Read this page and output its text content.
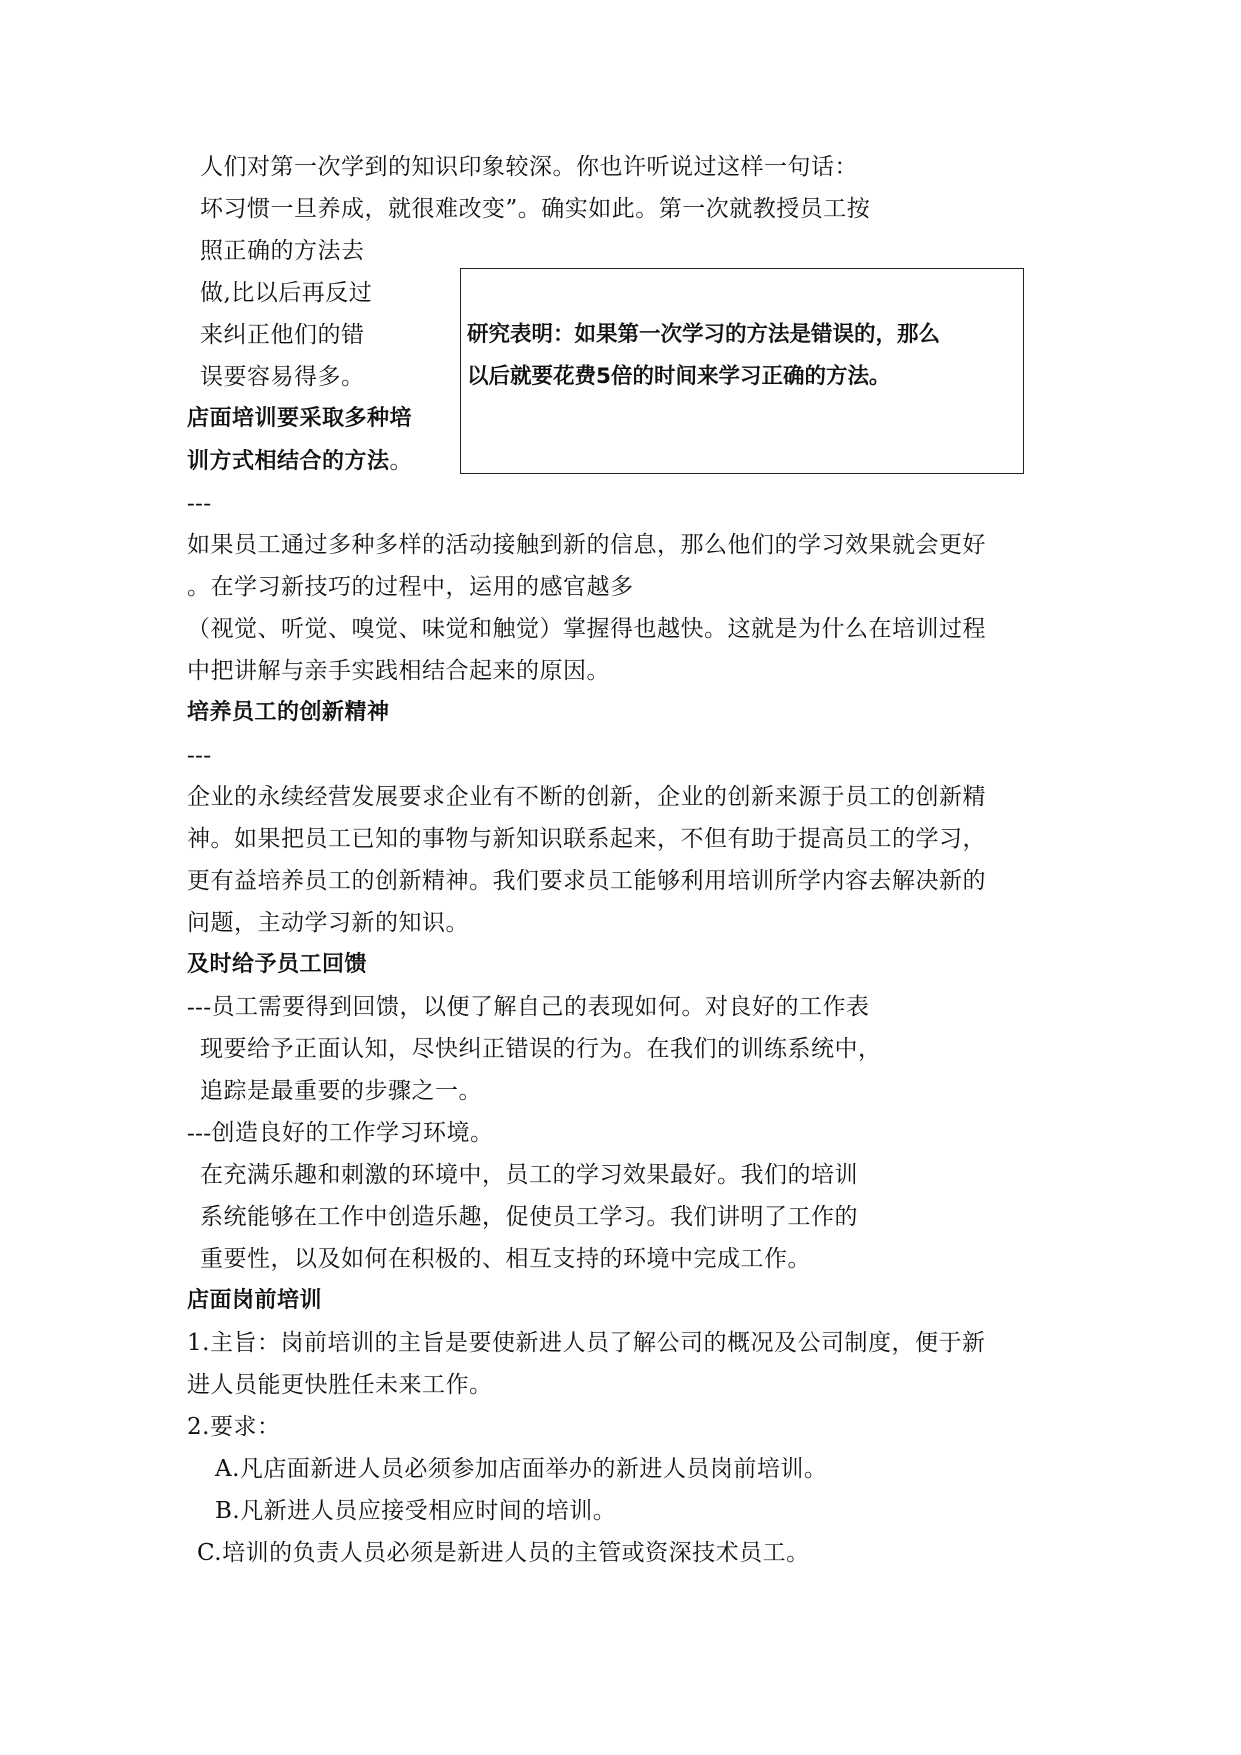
人们对第一次学到的知识印象较深。你也许听说过这样一句话：
坏习惯一旦养成，就很难改变”。确实如此。第一次就教授员工按
照正确的方法去
做,比以后再反过
来纠正他们的错
误要容易得多。
研究表明：如果第一次学习的方法是错误的，那么
以后就要花费5倍的时间来学习正确的方法。
店面培训要采取多种培
训方式相结合的方法。
---
如果员工通过多种多样的活动接触到新的信息，那么他们的学习效果就会更好
。在学习新技巧的过程中，运用的感官越多
（视觉、听觉、嗅觉、味觉和触觉）掌握得也越快。这就是为什么在培训过程
中把讲解与亲手实践相结合起来的原因。
培养员工的创新精神
---
企业的永续经营发展要求企业有不断的创新，企业的创新来源于员工的创新精
神。如果把员工已知的事物与新知识联系起来，不但有助于提高员工的学习，
更有益培养员工的创新精神。我们要求员工能够利用培训所学内容去解决新的
问题，主动学习新的知识。
及时给予员工回馈
---员工需要得到回馈，以便了解自己的表现如何。对良好的工作表
现要给予正面认知，尽快纠正错误的行为。在我们的训练系统中，
追踪是最重要的步骤之一。
---创造良好的工作学习环境。
在充满乐趣和刺激的环境中，员工的学习效果最好。我们的培训
系统能够在工作中创造乐趣，促使员工学习。我们讲明了工作的
重要性，以及如何在积极的、相互支持的环境中完成工作。
店面岗前培训
1.主旨：岗前培训的主旨是要使新进人员了解公司的概况及公司制度，便于新
进人员能更快胜任未来工作。
2.要求：
A.凡店面新进人员必须参加店面举办的新进人员岗前培训。
B.凡新进人员应接受相应时间的培训。
C.培训的负责人员必须是新进人员的主管或资深技术员工。
